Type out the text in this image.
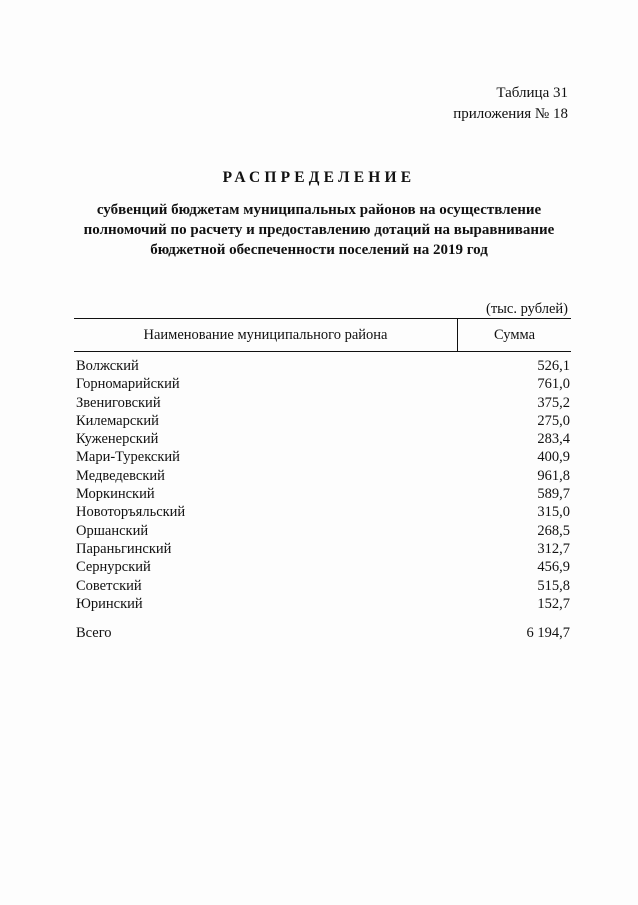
Таблица 31
приложения № 18
РАСПРЕДЕЛЕНИЕ
субвенций бюджетам муниципальных районов на осуществление
полномочий по расчету и предоставлению дотаций на выравнивание
бюджетной обеспеченности поселений на 2019 год
(тыс. рублей)
Наименование муниципального района	Сумма
Волжский	526,1
Горномарийский	761,0
Звениговский	375,2
Килемарский	275,0
Куженерский	283,4
Мари-Турекский	400,9
Медведевский	961,8
Моркинский	589,7
Новоторъяльский	315,0
Оршанский	268,5
Параньгинский	312,7
Сернурский	456,9
Советский	515,8
Юринский	152,7
Всего	6 194,7
